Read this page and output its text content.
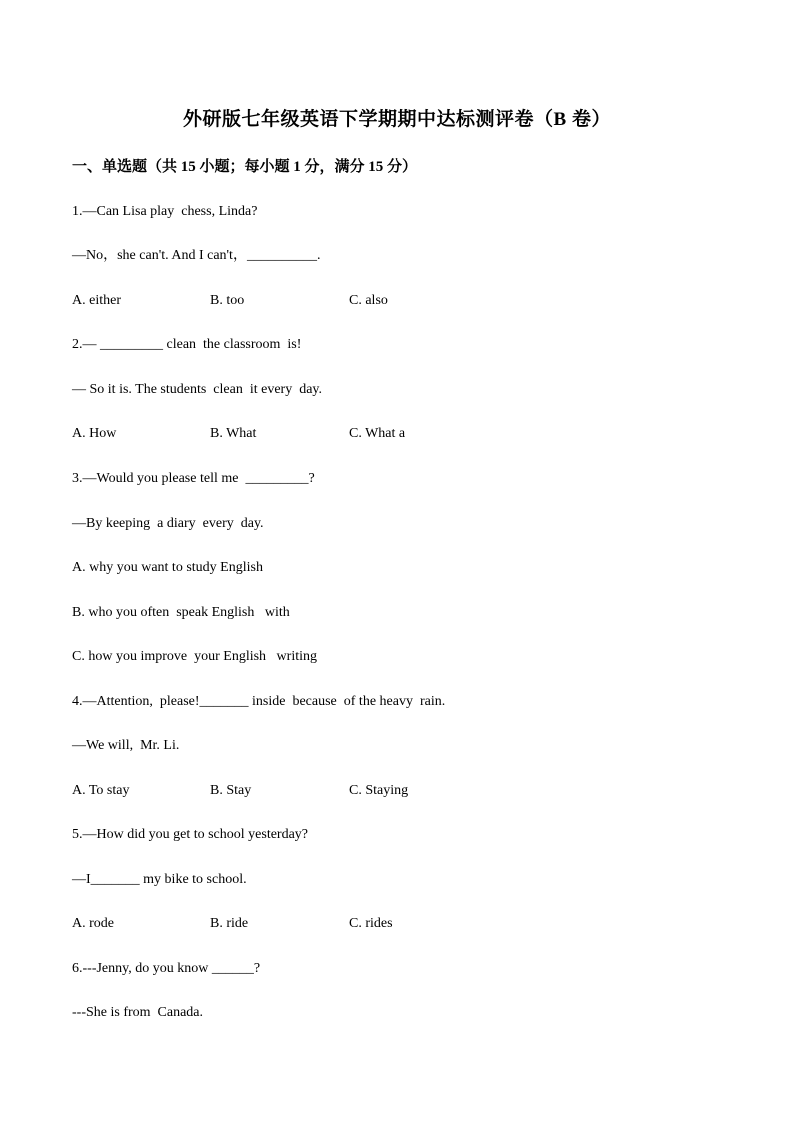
外研版七年级英语下学期期中达标测评卷（B 卷）
一、单选题（共 15 小题；每小题 1 分，满分 15 分）
1.—Can Lisa play  chess, Linda?
—No，she can't. And I can't，__________.
A. either	B. too	C. also
2.— _________ clean  the classroom  is!
— So it is. The students  clean  it every  day.
A. How	B. What	C. What a
3.—Would you please tell me  _________?
—By keeping  a diary  every  day.
A. why you want to study English
B. who you often  speak English   with
C. how you improve  your English   writing
4.—Attention,  please!_______ inside  because  of the heavy  rain.
—We will,  Mr. Li.
A. To stay	B. Stay	C. Staying
5.—How did you get to school yesterday?
—I_______ my bike to school.
A. rode	B. ride	C. rides
6.---Jenny, do you know ______?
---She is from  Canada.
